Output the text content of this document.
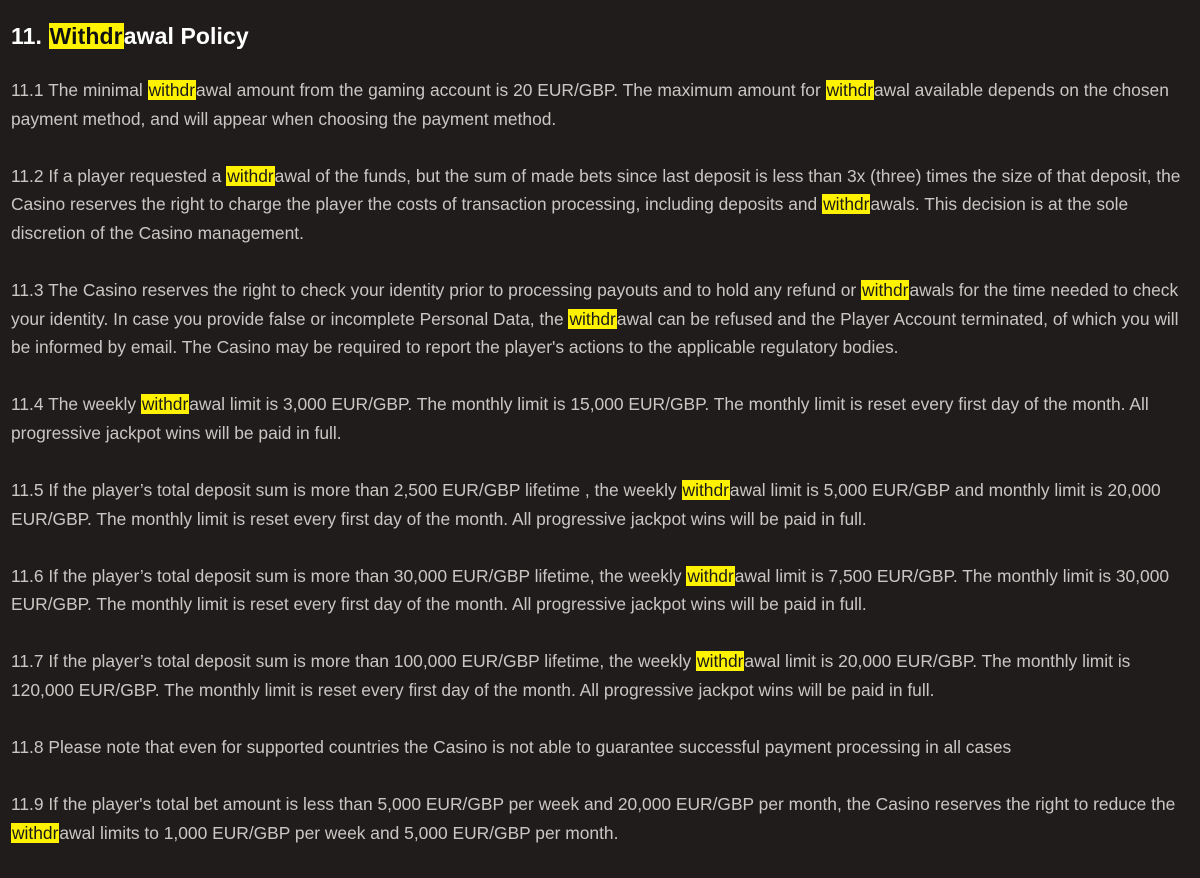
11. Withdrawal Policy

11.1 The minimal withdrawal amount from the gaming account is 20 EUR/GBP. The maximum amount for withdrawal available depends on the chosen payment method, and will appear when choosing the payment method.

11.2 If a player requested a withdrawal of the funds, but the sum of made bets since last deposit is less than 3x (three) times the size of that deposit, the Casino reserves the right to charge the player the costs of transaction processing, including deposits and withdrawals. This decision is at the sole discretion of the Casino management.

11.3 The Casino reserves the right to check your identity prior to processing payouts and to hold any refund or withdrawals for the time needed to check your identity. In case you provide false or incomplete Personal Data, the withdrawal can be refused and the Player Account terminated, of which you will be informed by email. The Casino may be required to report the player's actions to the applicable regulatory bodies.

11.4 The weekly withdrawal limit is 3,000 EUR/GBP. The monthly limit is 15,000 EUR/GBP. The monthly limit is reset every first day of the month. All progressive jackpot wins will be paid in full.

11.5 If the player’s total deposit sum is more than 2,500 EUR/GBP lifetime , the weekly withdrawal limit is 5,000 EUR/GBP and monthly limit is 20,000 EUR/GBP. The monthly limit is reset every first day of the month. All progressive jackpot wins will be paid in full.

11.6 If the player’s total deposit sum is more than 30,000 EUR/GBP lifetime, the weekly withdrawal limit is 7,500 EUR/GBP. The monthly limit is 30,000 EUR/GBP. The monthly limit is reset every first day of the month. All progressive jackpot wins will be paid in full.

11.7 If the player’s total deposit sum is more than 100,000 EUR/GBP lifetime, the weekly withdrawal limit is 20,000 EUR/GBP. The monthly limit is 120,000 EUR/GBP. The monthly limit is reset every first day of the month. All progressive jackpot wins will be paid in full.

11.8 Please note that even for supported countries the Casino is not able to guarantee successful payment processing in all cases

11.9 If the player's total bet amount is less than 5,000 EUR/GBP per week and 20,000 EUR/GBP per month, the Casino reserves the right to reduce the withdrawal limits to 1,000 EUR/GBP per week and 5,000 EUR/GBP per month.
